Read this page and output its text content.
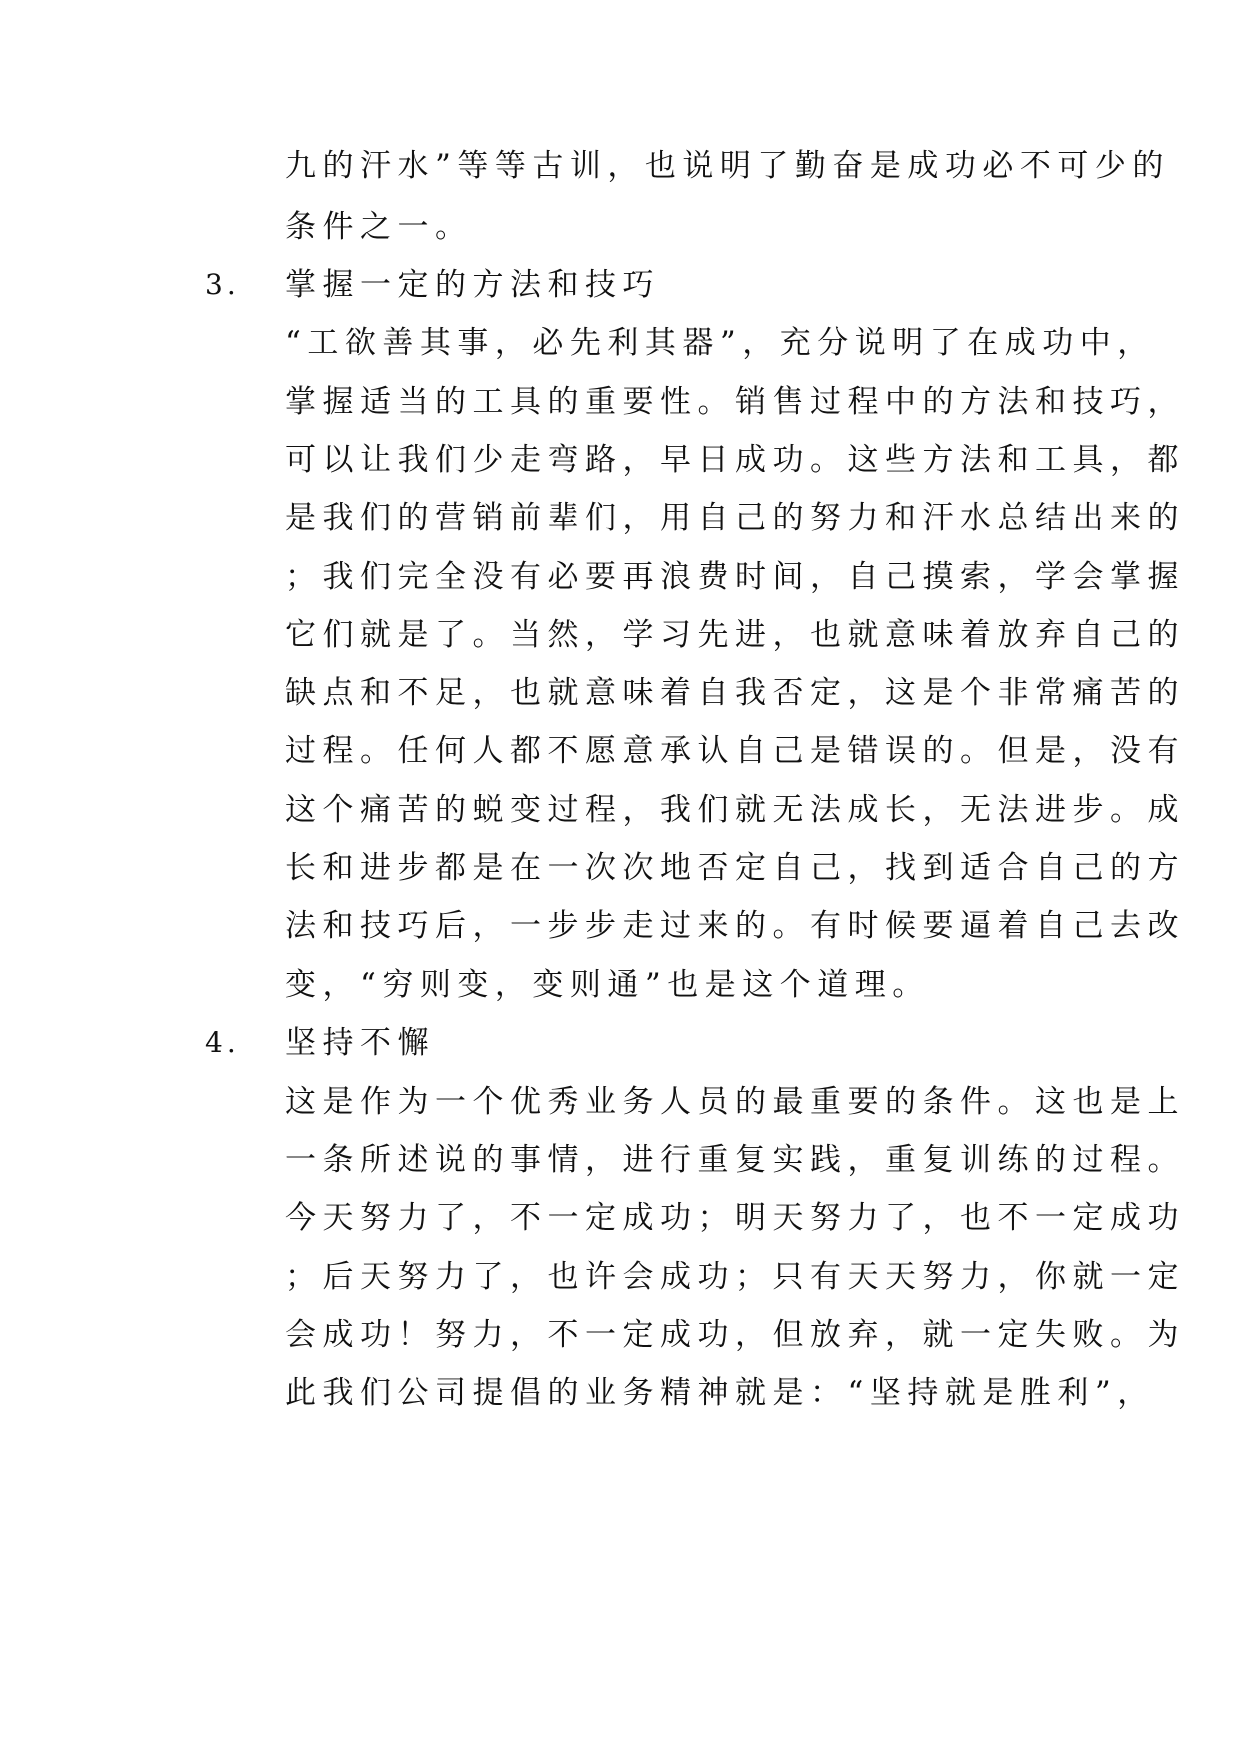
九的汗水”等等古训，也说明了勤奋是成功必不可少的
条件之一。
3. 掌握一定的方法和技巧
“工欲善其事，必先利其器”，充分说明了在成功中，
掌握适当的工具的重要性。销售过程中的方法和技巧，
可以让我们少走弯路，早日成功。这些方法和工具，都
是我们的营销前辈们，用自己的努力和汗水总结出来的
；我们完全没有必要再浪费时间，自己摸索，学会掌握
它们就是了。当然，学习先进，也就意味着放弃自己的
缺点和不足，也就意味着自我否定，这是个非常痛苦的
过程。任何人都不愿意承认自己是错误的。但是，没有
这个痛苦的蜕变过程，我们就无法成长，无法进步。成
长和进步都是在一次次地否定自己，找到适合自己的方
法和技巧后，一步步走过来的。有时候要逼着自己去改
变，“穷则变，变则通”也是这个道理。
4. 坚持不懈
这是作为一个优秀业务人员的最重要的条件。这也是上
一条所述说的事情，进行重复实践，重复训练的过程。
今天努力了，不一定成功；明天努力了，也不一定成功
；后天努力了，也许会成功；只有天天努力，你就一定
会成功！努力，不一定成功，但放弃，就一定失败。为
此我们公司提倡的业务精神就是：“坚持就是胜利”，
